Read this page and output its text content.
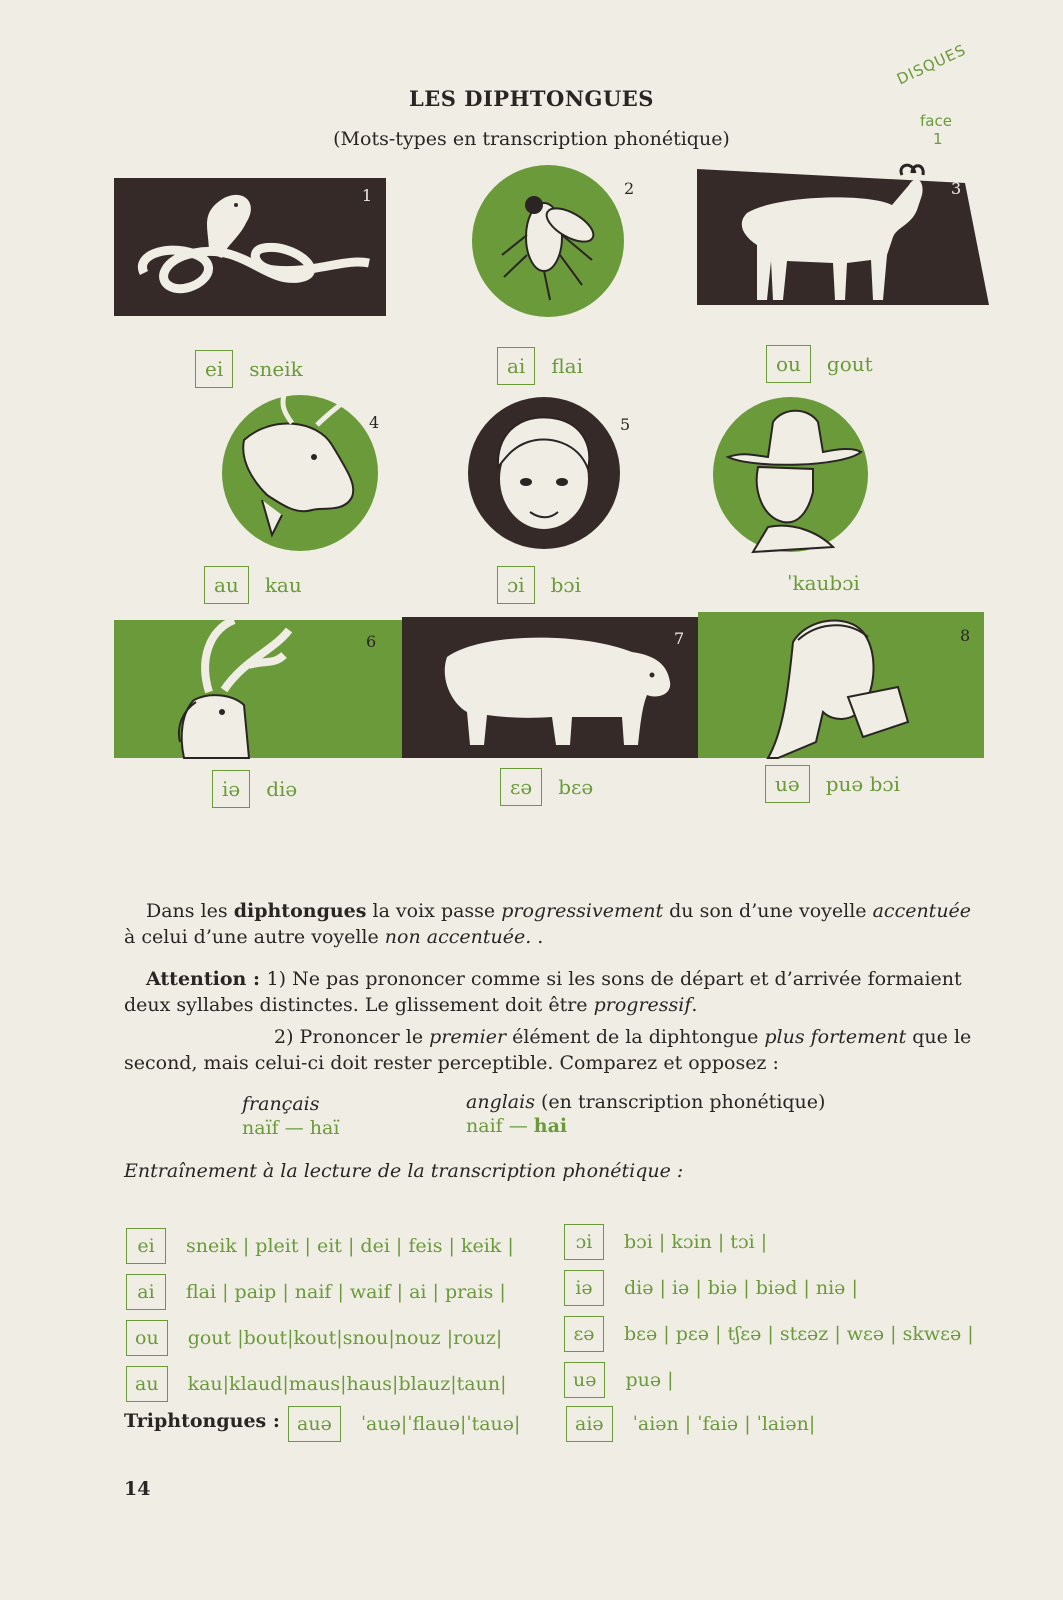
LES DIPHTONGUES
(Mots-types en transcription phonétique)
DISQUES
face
1
1	2	3
ei sneik	ai flai	ou gout
4	5
au kau	ɔi bɔi	ˈkaubɔi
6	7	8
iə diə	ɛə bɛə	uə puə bɔi
Dans les diphtongues la voix passe progressivement du son d’une voyelle accentuée à celui d’une autre voyelle non accentuée. .
Attention : 1) Ne pas prononcer comme si les sons de départ et d’arrivée formaient deux syllabes distinctes. Le glissement doit être progressif.
2) Prononcer le premier élément de la diphtongue plus fortement que le second, mais celui-ci doit rester perceptible. Comparez et opposez :
français
naïf — haï
anglais (en transcription phonétique)
naif — hai
Entraînement à la lecture de la transcription phonétique :
ei	sneik | pleit | eit | dei | feis | keik |
ai	flai | paip | naif | waif | ai | prais |
ou	gout |bout|kout|snou|nouz |rouz|
au	kau|klaud|maus|haus|blauz|taun|
ɔi	bɔi | kɔin | tɔi |
iə	diə | iə | biə | biəd | niə |
ɛə	bɛə | pɛə | tʃɛə | stɛəz | wɛə | skwɛə |
uə	puə |
Triphtongues : auə	ˈauə|ˈflauə|ˈtauə|	aiə	ˈaiən | ˈfaiə | ˈlaiən|
14
